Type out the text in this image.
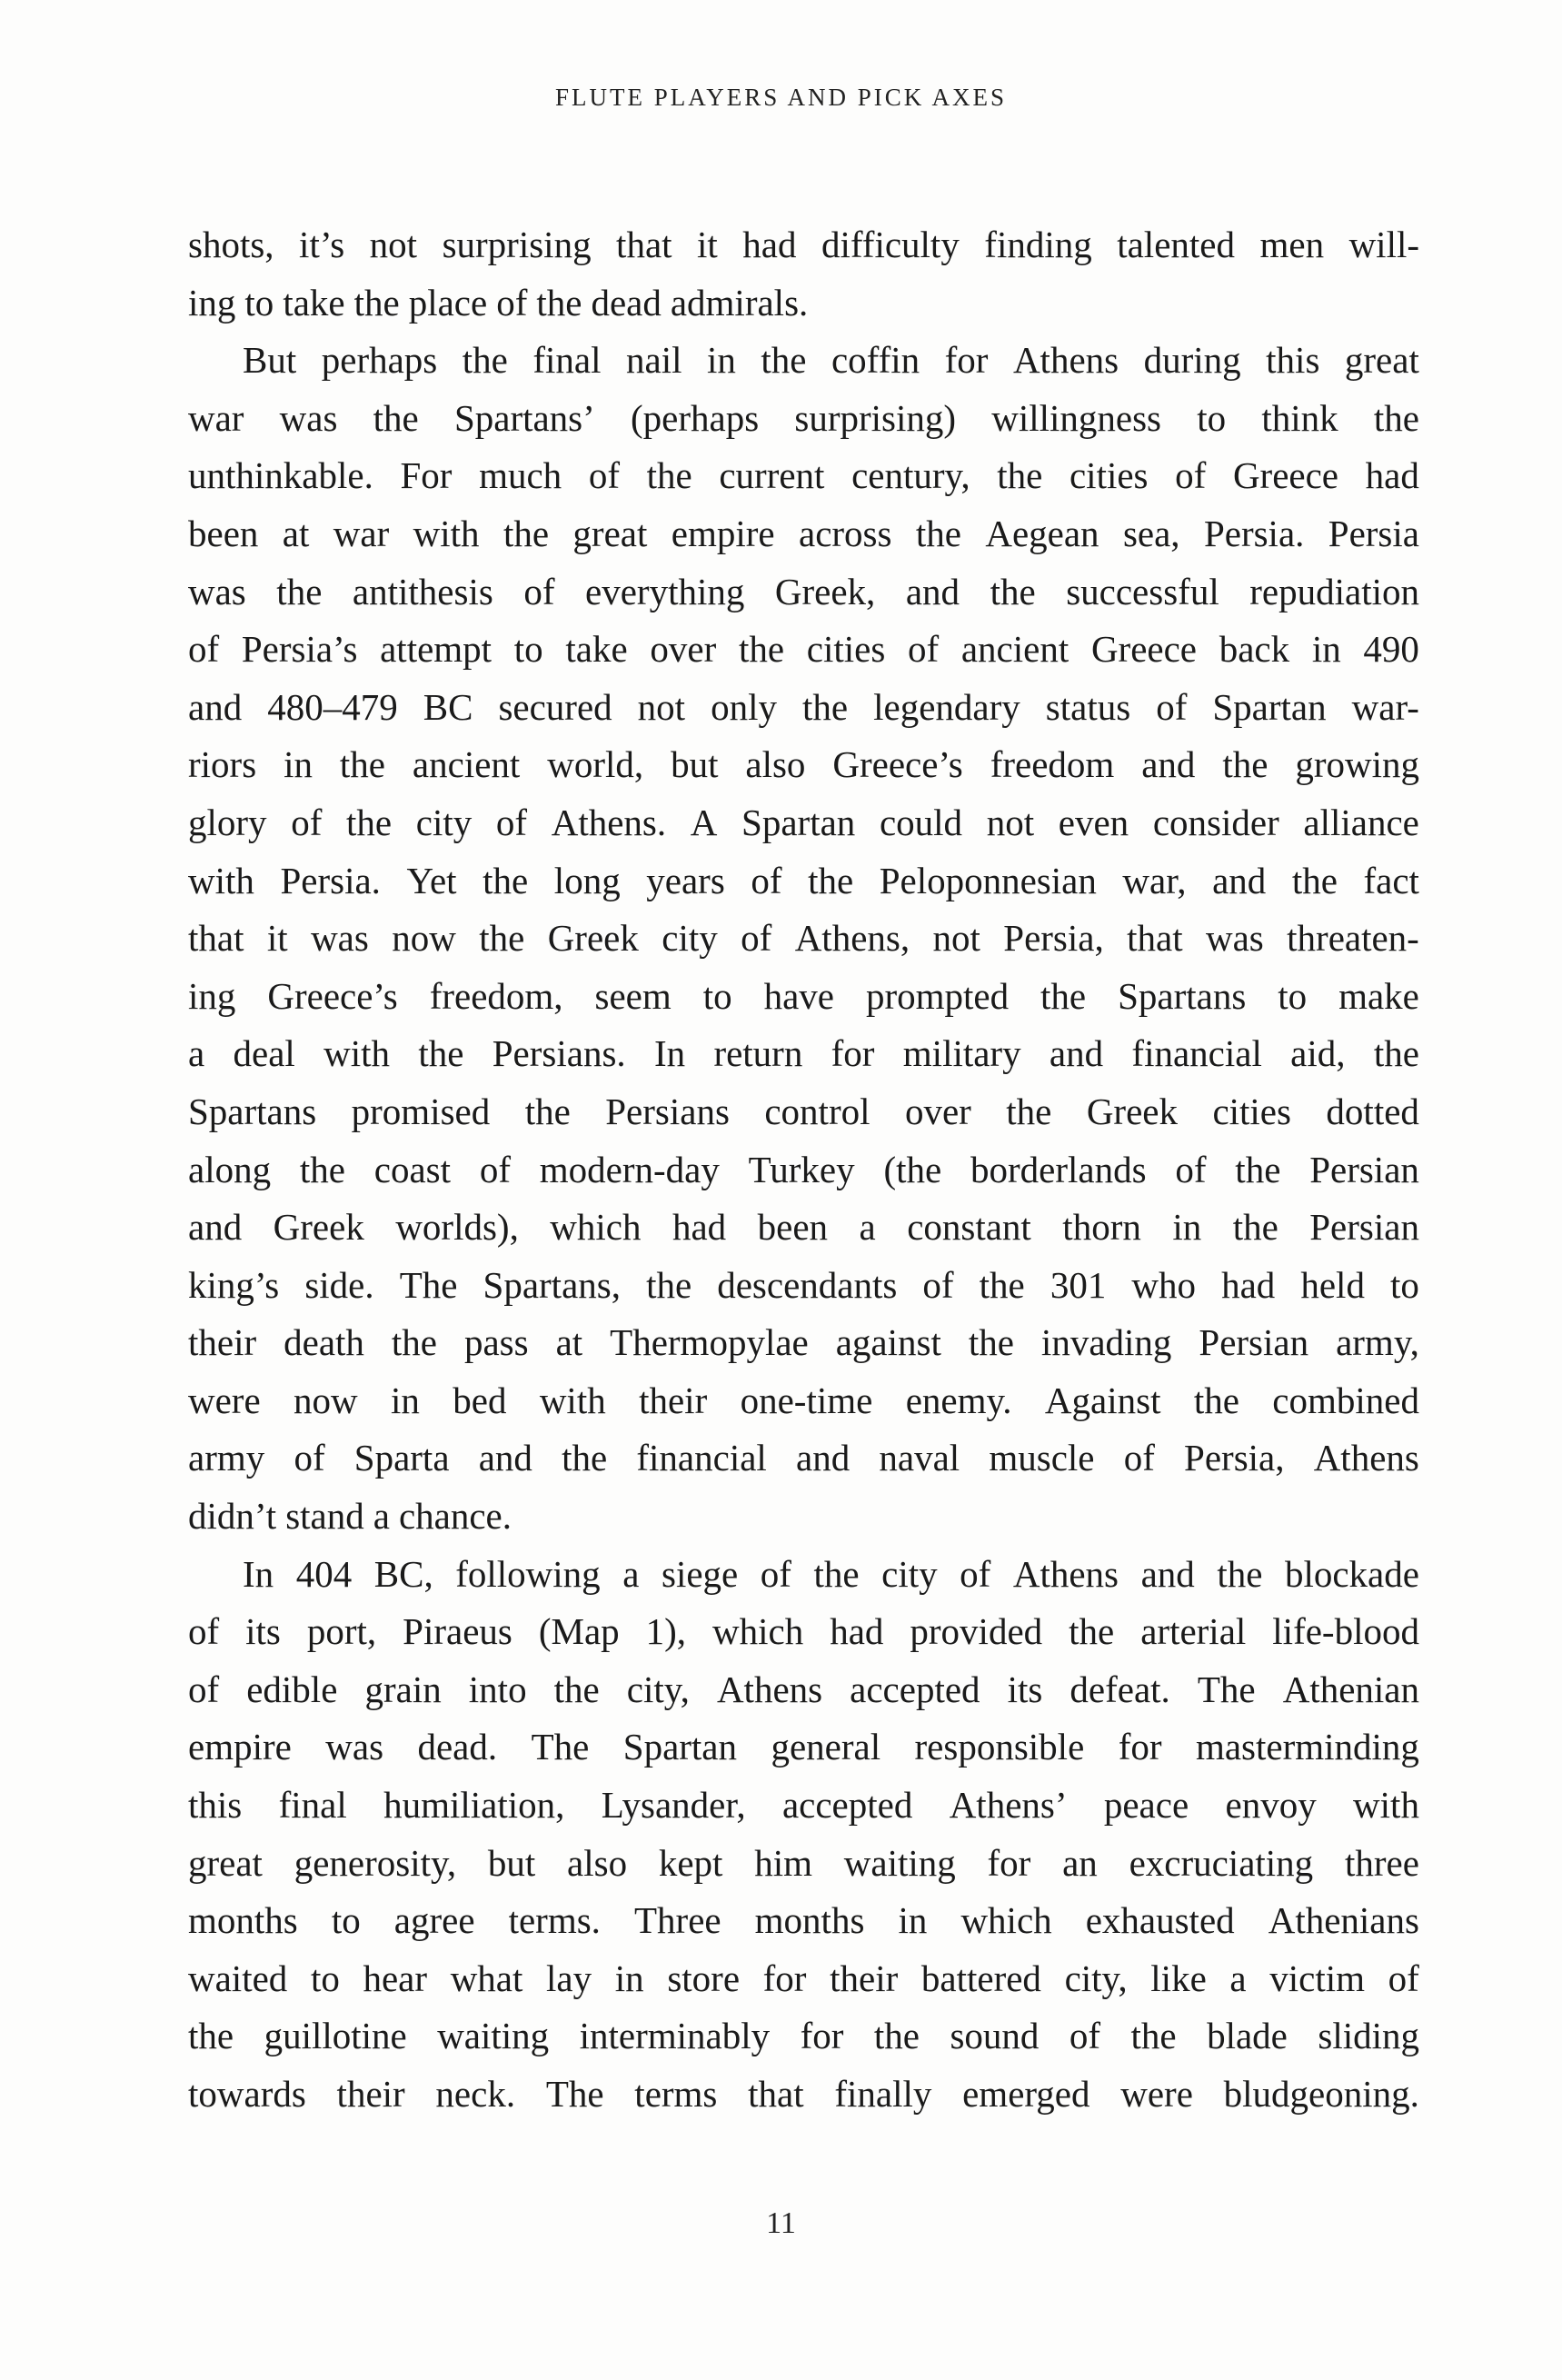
FLUTE PLAYERS AND PICK AXES
shots, it’s not surprising that it had difficulty finding talented men will-
ing to take the place of the dead admirals.
But perhaps the final nail in the coffin for Athens during this great
war was the Spartans’ (perhaps surprising) willingness to think the
unthinkable. For much of the current century, the cities of Greece had
been at war with the great empire across the Aegean sea, Persia. Persia
was the antithesis of everything Greek, and the successful repudiation
of Persia’s attempt to take over the cities of ancient Greece back in 490
and 480–479 BC secured not only the legendary status of Spartan war-
riors in the ancient world, but also Greece’s freedom and the growing
glory of the city of Athens. A Spartan could not even consider alliance
with Persia. Yet the long years of the Peloponnesian war, and the fact
that it was now the Greek city of Athens, not Persia, that was threaten-
ing Greece’s freedom, seem to have prompted the Spartans to make
a deal with the Persians. In return for military and financial aid, the
Spartans promised the Persians control over the Greek cities dotted
along the coast of modern-day Turkey (the borderlands of the Persian
and Greek worlds), which had been a constant thorn in the Persian
king’s side. The Spartans, the descendants of the 301 who had held to
their death the pass at Thermopylae against the invading Persian army,
were now in bed with their one-time enemy. Against the combined
army of Sparta and the financial and naval muscle of Persia, Athens
didn’t stand a chance.
In 404 BC, following a siege of the city of Athens and the blockade
of its port, Piraeus (Map 1), which had provided the arterial life-blood
of edible grain into the city, Athens accepted its defeat. The Athenian
empire was dead. The Spartan general responsible for masterminding
this final humiliation, Lysander, accepted Athens’ peace envoy with
great generosity, but also kept him waiting for an excruciating three
months to agree terms. Three months in which exhausted Athenians
waited to hear what lay in store for their battered city, like a victim of
the guillotine waiting interminably for the sound of the blade sliding
towards their neck. The terms that finally emerged were bludgeoning.
11
